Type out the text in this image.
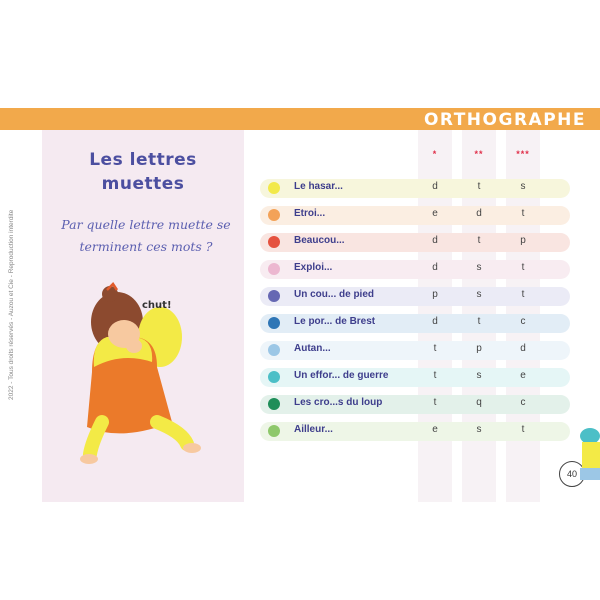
ORTHOGRAPHE
2022 - Tous droits réservés - Auzou et Cie - Reproduction interdite
Les lettres
muettes
Par quelle lettre muette se
terminent ces mots ?
chut!
*	**	***
Le hasar...	d	t	s
Etroi...	e	d	t
Beaucou...	d	t	p
Exploi...	d	s	t
Un cou... de pied	p	s	t
Le por... de Brest	d	t	c
Autan...	t	p	d
Un effor... de guerre	t	s	e
Les cro...s du loup	t	q	c
Ailleur...	e	s	t
40
